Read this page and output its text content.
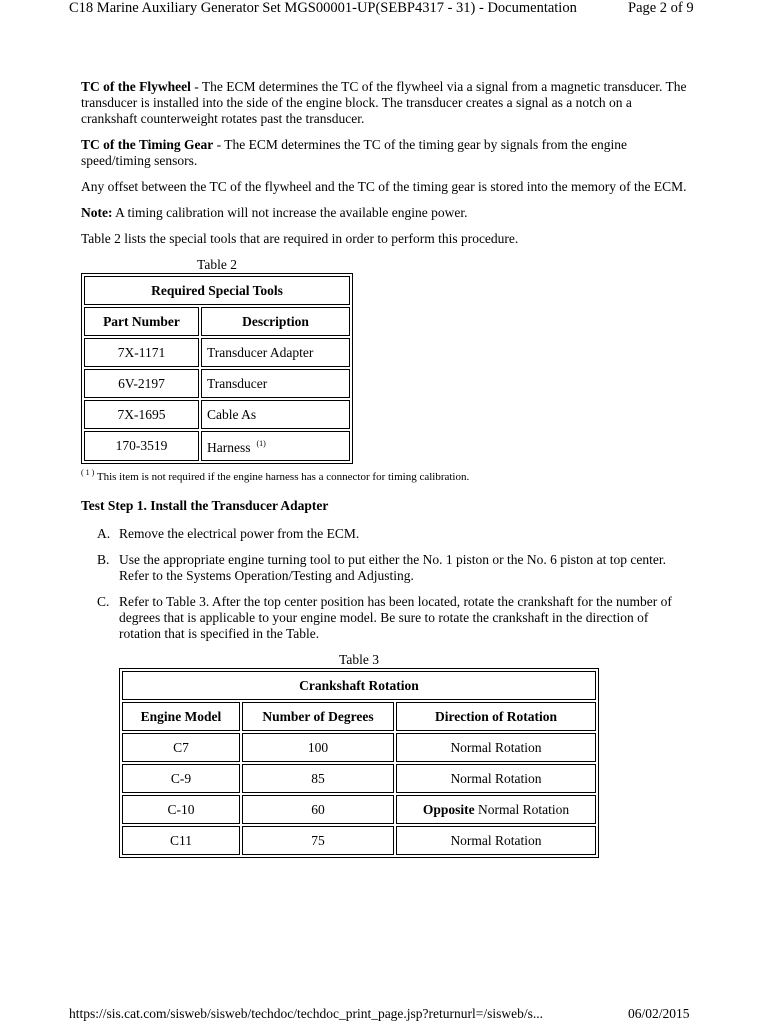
C18 Marine Auxiliary Generator Set MGS00001-UP(SEBP4317 - 31) - Documentation	Page 2 of 9

TC of the Flywheel - The ECM determines the TC of the flywheel via a signal from a magnetic transducer. The transducer is installed into the side of the engine block. The transducer creates a signal as a notch on a crankshaft counterweight rotates past the transducer.

TC of the Timing Gear - The ECM determines the TC of the timing gear by signals from the engine speed/timing sensors.

Any offset between the TC of the flywheel and the TC of the timing gear is stored into the memory of the ECM.

Note: A timing calibration will not increase the available engine power.

Table 2 lists the special tools that are required in order to perform this procedure.

Table 2
Required Special Tools	
Part Number	Description
7X-1171	Transducer Adapter
6V-2197	Transducer
7X-1695	Cable As
170-3519	Harness $^{(1)}$
$^{( 1 )}$ This item is not required if the engine harness has a connector for timing calibration.
Test Step 1. Install the Transducer Adapter
A. Remove the electrical power from the ECM.
B. Use the appropriate engine turning tool to put either the No. 1 piston or the No. 6 piston at top center. Refer to the Systems Operation/Testing and Adjusting.
C. Refer to Table 3. After the top center position has been located, rotate the crankshaft for the number of degrees that is applicable to your engine model. Be sure to rotate the crankshaft in the direction of rotation that is specified in the Table.
Table 3
Crankshaft Rotation		
Engine Model	Number of Degrees	Direction of Rotation
C7	100	Normal Rotation
C-9	85	Normal Rotation
C-10	60	Opposite Normal Rotation
C11	75	Normal Rotation
https://sis.cat.com/sisweb/sisweb/techdoc/techdoc_print_page.jsp?returnurl=/sisweb/s...	06/02/2015
